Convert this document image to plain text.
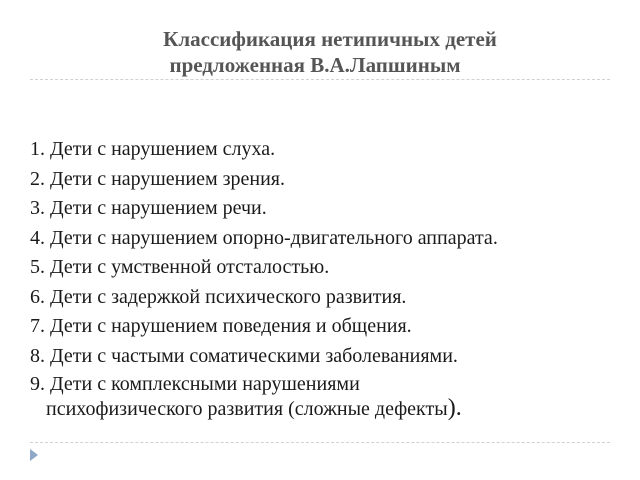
Классификация нетипичных детей
предложенная В.А.Лапшиным
1. Дети с нарушением слуха.
2. Дети с нарушением зрения.
3. Дети с нарушением речи.
4. Дети с нарушением опорно-двигательного аппарата.
5. Дети с умственной отсталостью.
6. Дети с задержкой психического развития.
7. Дети с нарушением поведения и общения.
8. Дети с частыми соматическими заболеваниями.
9. Дети с комплексными нарушениями
психофизического развития (сложные дефекты).
